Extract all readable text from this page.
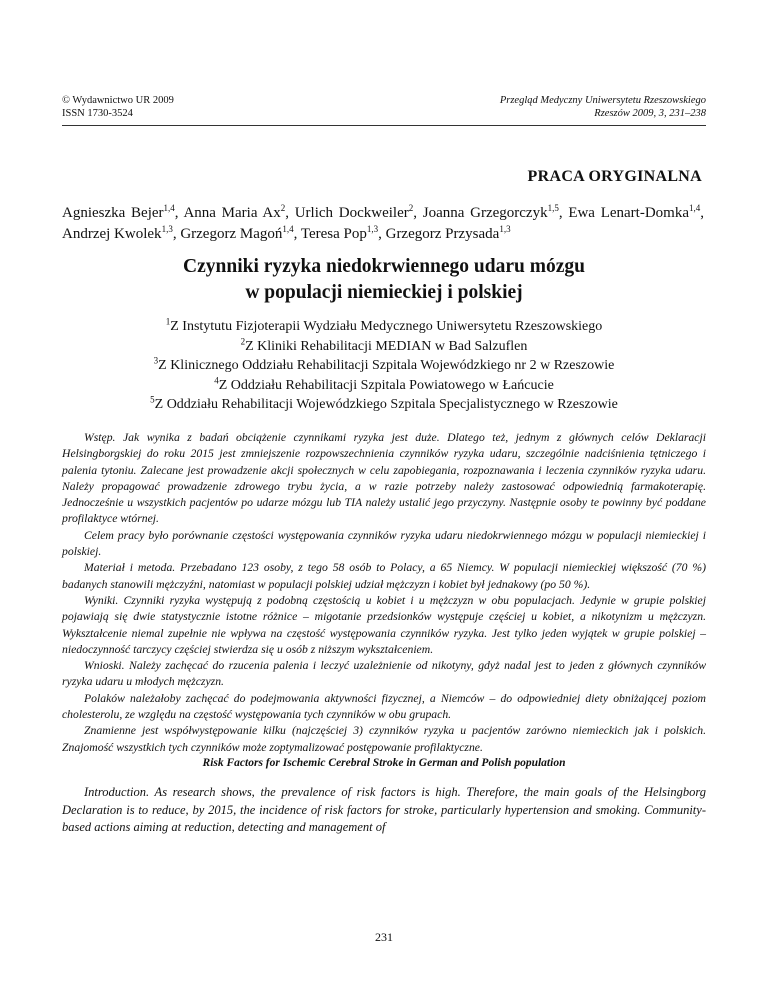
© Wydawnictwo UR 2009
ISSN 1730-3524
Przegląd Medyczny Uniwersytetu Rzeszowskiego
Rzeszów 2009, 3, 231–238
PRACA ORYGINALNA
Agnieszka Bejer$^{1,4}$, Anna Maria Ax$^2$, Urlich Dockweiler$^2$, Joanna Grzegorczyk$^{1,5}$, Ewa Lenart-Domka$^{1,4}$, Andrzej Kwolek$^{1,3}$, Grzegorz Magoń$^{1,4}$, Teresa Pop$^{1,3}$, Grzegorz Przysada$^{1,3}$
Czynniki ryzyka niedokrwiennego udaru mózgu
w populacji niemieckiej i polskiej
$^1$Z Instytutu Fizjoterapii Wydziału Medycznego Uniwersytetu Rzeszowskiego
$^2$Z Kliniki Rehabilitacji MEDIAN w Bad Salzuflen
$^3$Z Klinicznego Oddziału Rehabilitacji Szpitala Wojewódzkiego nr 2 w Rzeszowie
$^4$Z Oddziału Rehabilitacji Szpitala Powiatowego w Łańcucie
$^5$Z Oddziału Rehabilitacji Wojewódzkiego Szpitala Specjalistycznego w Rzeszowie

Wstęp. Jak wynika z badań obciążenie czynnikami ryzyka jest duże. Dlatego też, jednym z głównych celów Deklaracji Helsingborgskiej do roku 2015 jest zmniejszenie rozpowszechnienia czynników ryzyka udaru, szczególnie nadciśnienia tętniczego i palenia tytoniu. Zalecane jest prowadzenie akcji społecznych w celu zapobiegania, rozpoznawania i leczenia czynników ryzyka udaru. Należy propagować prowadzenie zdrowego trybu życia, a w razie potrzeby należy zastosować odpowiednią farmakoterapię. Jednocześnie u wszystkich pacjentów po udarze mózgu lub TIA należy ustalić jego przyczyny. Następnie osoby te powinny być poddane profilaktyce wtórnej.

Celem pracy było porównanie częstości występowania czynników ryzyka udaru niedokrwiennego mózgu w populacji niemieckiej i polskiej.

Materiał i metoda. Przebadano 123 osoby, z tego 58 osób to Polacy, a 65 Niemcy. W populacji niemieckiej większość (70 %) badanych stanowili mężczyźni, natomiast w populacji polskiej udział mężczyzn i kobiet był jednakowy (po 50 %).

Wyniki. Czynniki ryzyka występują z podobną częstością u kobiet i u mężczyzn w obu populacjach. Jedynie w grupie polskiej pojawiają się dwie statystycznie istotne różnice – migotanie przedsionków występuje częściej u kobiet, a nikotynizm u mężczyzn. Wykształcenie niemal zupełnie nie wpływa na częstość występowania czynników ryzyka. Jest tylko jeden wyjątek w grupie polskiej – niedoczynność tarczycy częściej stwierdza się u osób z niższym wykształceniem.

Wnioski. Należy zachęcać do rzucenia palenia i leczyć uzależnienie od nikotyny, gdyż nadal jest to jeden z głównych czynników ryzyka udaru u młodych mężczyzn.

Polaków należałoby zachęcać do podejmowania aktywności fizycznej, a Niemców – do odpowiedniej diety obniżającej poziom cholesterolu, ze względu na częstość występowania tych czynników w obu grupach.

Znamienne jest współwystępowanie kilku (najczęściej 3) czynników ryzyka u pacjentów zarówno niemieckich jak i polskich. Znajomość wszystkich tych czynników może zoptymalizować postępowanie profilaktyczne.

Risk Factors for Ischemic Cerebral Stroke in German and Polish population

Introduction. As research shows, the prevalence of risk factors is high. Therefore, the main goals of the Helsingborg Declaration is to reduce, by 2015, the incidence of risk factors for stroke, particularly hypertension and smoking. Community-based actions aiming at reduction, detecting and management of

231
